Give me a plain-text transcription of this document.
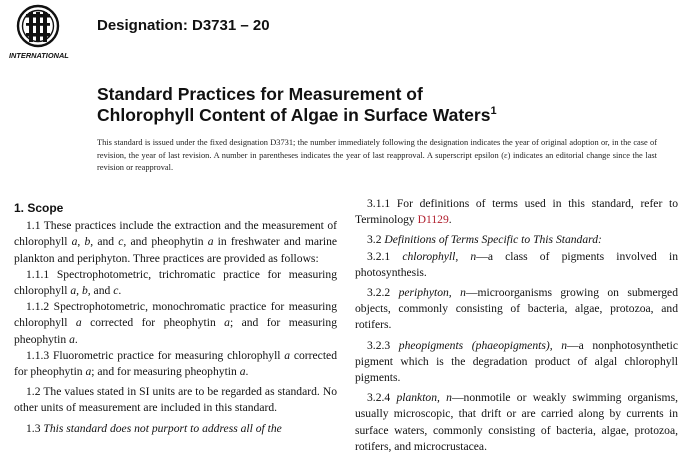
INTERNATIONAL
Designation: D3731 – 20
Standard Practices for Measurement of
Chlorophyll Content of Algae in Surface Waters$^1$
This standard is issued under the fixed designation D3731; the number immediately following the designation indicates the year of original adoption or, in the case of revision, the year of last revision. A number in parentheses indicates the year of last reapproval. A superscript epsilon (ε) indicates an editorial change since the last revision or reapproval.
1. Scope

1.1 These practices include the extraction and the measurement of chlorophyll a, b, and c, and pheophytin a in freshwater and marine plankton and periphyton. Three practices are provided as follows:

1.1.1 Spectrophotometric, trichromatic practice for measuring chlorophyll a, b, and c.

1.1.2 Spectrophotometric, monochromatic practice for measuring chlorophyll a corrected for pheophytin a; and for measuring pheophytin a.

1.1.3 Fluorometric practice for measuring chlorophyll a corrected for pheophytin a; and for measuring pheophytin a.

1.2 The values stated in SI units are to be regarded as standard. No other units of measurement are included in this standard.

1.3 This standard does not purport to address all of the

3.1.1 For definitions of terms used in this standard, refer to Terminology D1129.

3.2 Definitions of Terms Specific to This Standard:

3.2.1 chlorophyll, n—a class of pigments involved in photosynthesis.

3.2.2 periphyton, n—microorganisms growing on submerged objects, commonly consisting of bacteria, algae, protozoa, and rotifers.

3.2.3 pheopigments (phaeopigments), n—a nonphotosynthetic pigment which is the degradation product of algal chlorophyll pigments.

3.2.4 plankton, n—nonmotile or weakly swimming organisms, usually microscopic, that drift or are carried along by currents in surface waters, commonly consisting of bacteria, algae, protozoa, rotifers, and microcrustacea.
